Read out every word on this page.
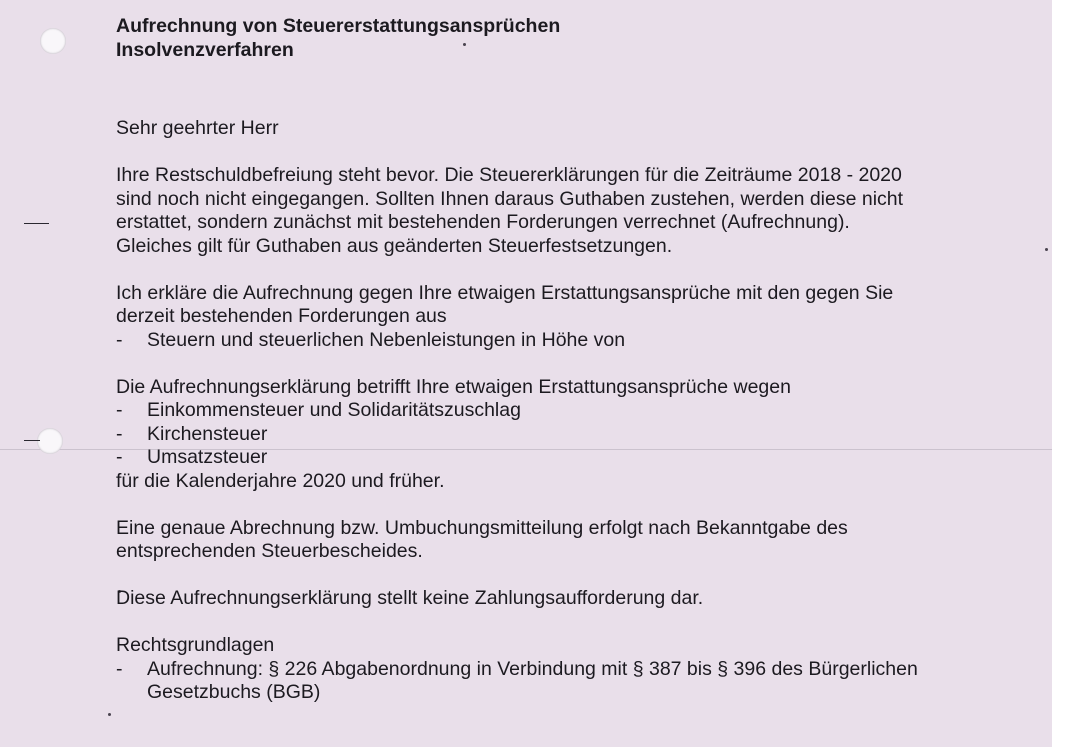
Aufrechnung von Steuererstattungsansprüchen
Insolvenzverfahren
Sehr geehrter Herr
Ihre Restschuldbefreiung steht bevor. Die Steuererklärungen für die Zeiträume 2018 - 2020
sind noch nicht eingegangen. Sollten Ihnen daraus Guthaben zustehen, werden diese nicht
erstattet, sondern zunächst mit bestehenden Forderungen verrechnet (Aufrechnung).
Gleiches gilt für Guthaben aus geänderten Steuerfestsetzungen.
Ich erkläre die Aufrechnung gegen Ihre etwaigen Erstattungsansprüche mit den gegen Sie
derzeit bestehenden Forderungen aus
- Steuern und steuerlichen Nebenleistungen in Höhe von
Die Aufrechnungserklärung betrifft Ihre etwaigen Erstattungsansprüche wegen
- Einkommensteuer und Solidaritätszuschlag
- Kirchensteuer
- Umsatzsteuer
für die Kalenderjahre 2020 und früher.
Eine genaue Abrechnung bzw. Umbuchungsmitteilung erfolgt nach Bekanntgabe des
entsprechenden Steuerbescheides.
Diese Aufrechnungserklärung stellt keine Zahlungsaufforderung dar.
Rechtsgrundlagen
- Aufrechnung: § 226 Abgabenordnung in Verbindung mit § 387 bis § 396 des Bürgerlichen
Gesetzbuchs (BGB)
